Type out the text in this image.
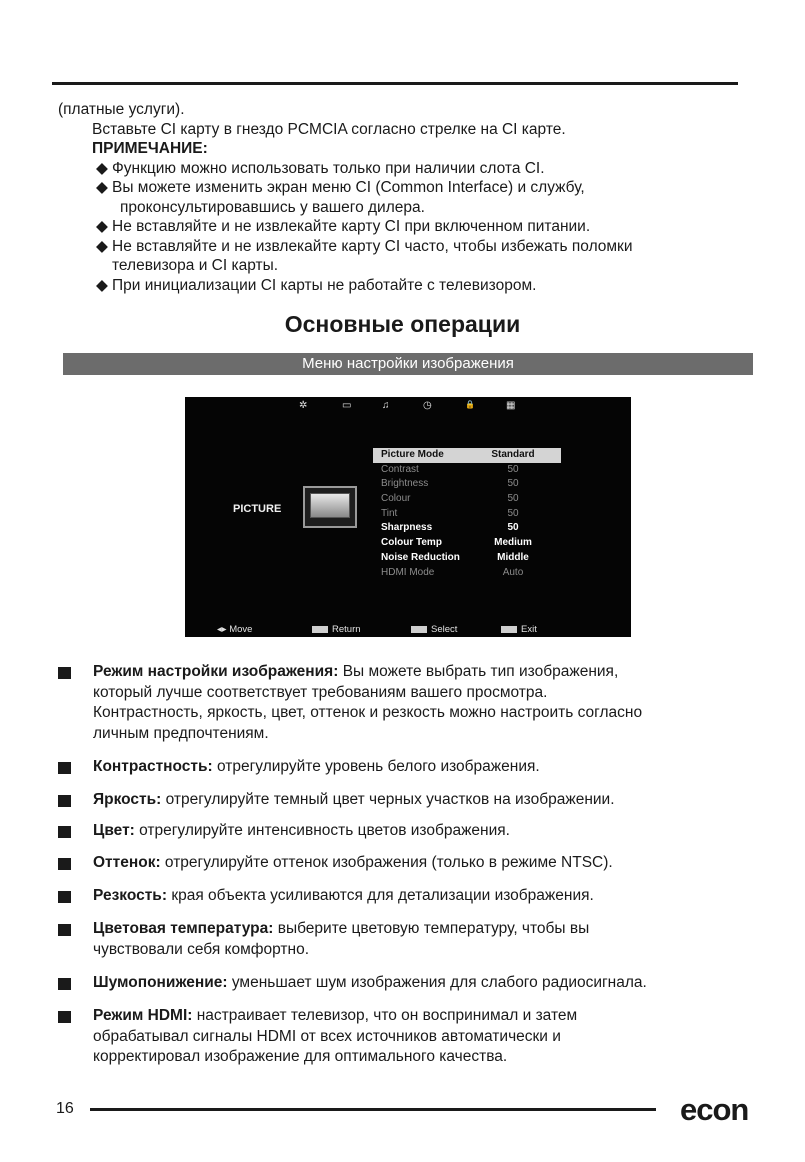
(платные услуги).
Вставьте CI карту в гнездо PCMCIA согласно стрелке на CI карте.
ПРИМЕЧАНИЕ:
◆ Функцию можно использовать только при наличии слота CI.
◆ Вы можете изменить экран меню CI (Common Interface) и службу,
проконсультировавшись у вашего дилера.
◆ Не вставляйте и не извлекайте карту CI при включенном питании.
◆ Не вставляйте и не извлекайте карту CI часто, чтобы избежать поломки
телевизора и CI карты.
◆ При инициализации CI карты не работайте с телевизором.
Основные операции
Меню настройки изображения
✲	▭	♫	◷	🔒	▦
PICTURE
Picture Mode	Standard
Contrast	50
Brightness	50
Colour	50
Tint	50
Sharpness	50
Colour Temp	Medium
Noise Reduction	Middle
HDMI Mode	Auto
◂▸ Move	Return	Select	Exit
Режим настройки изображения: Вы можете выбрать тип изображения,
который лучше соответствует требованиям вашего просмотра.
Контрастность, яркость, цвет, оттенок и резкость можно настроить согласно
личным предпочтениям.
Контрастность: отрегулируйте уровень белого изображения.
Яркость: отрегулируйте темный цвет черных участков на изображении.
Цвет: отрегулируйте интенсивность цветов изображения.
Оттенок: отрегулируйте оттенок изображения (только в режиме NTSC).
Резкость: края объекта усиливаются для детализации изображения.
Цветовая температура: выберите цветовую температуру, чтобы вы
чувствовали себя комфортно.
Шумопонижение: уменьшает шум изображения для слабого радиосигнала.
Режим HDMI: настраивает телевизор, что он воспринимал и затем
обрабатывал сигналы HDMI от всех источников автоматически и
корректировал изображение для оптимального качества.
16	econ
